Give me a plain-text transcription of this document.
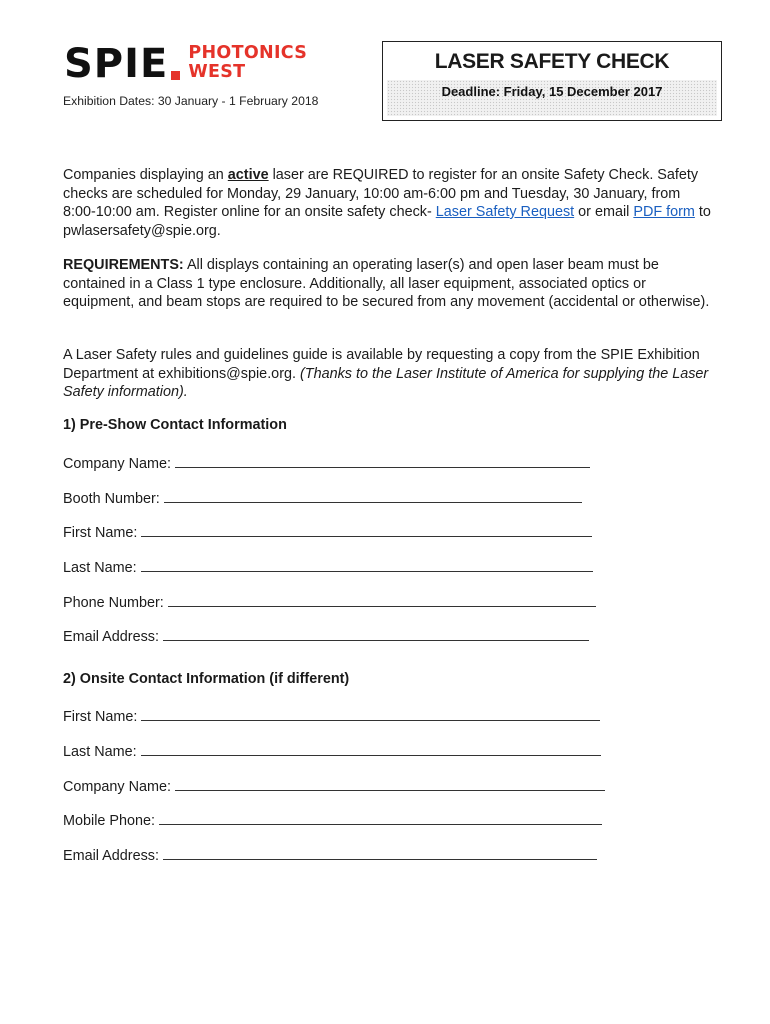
SPIE PHOTONICS
WEST
Exhibition Dates: 30 January - 1 February 2018
LASER SAFETY CHECK
Deadline: Friday, 15 December 2017
Companies displaying an active laser are REQUIRED to register for an onsite Safety Check. Safety checks are scheduled for Monday, 29 January, 10:00 am-6:00 pm and Tuesday, 30 January, from 8:00-10:00 am. Register online for an onsite safety check- Laser Safety Request or email PDF form to pwlasersafety@spie.org.
REQUIREMENTS: All displays containing an operating laser(s) and open laser beam must be contained in a Class 1 type enclosure. Additionally, all laser equipment, associated optics or equipment, and beam stops are required to be secured from any movement (accidental or otherwise).
A Laser Safety rules and guidelines guide is available by requesting a copy from the SPIE Exhibition Department at exhibitions@spie.org. (Thanks to the Laser Institute of America for supplying the Laser Safety information).
1) Pre-Show Contact Information
Company Name:
Booth Number:
First Name:
Last Name:
Phone Number:
Email Address:
2) Onsite Contact Information (if different)
First Name:
Last Name:
Company Name:
Mobile Phone:
Email Address:
